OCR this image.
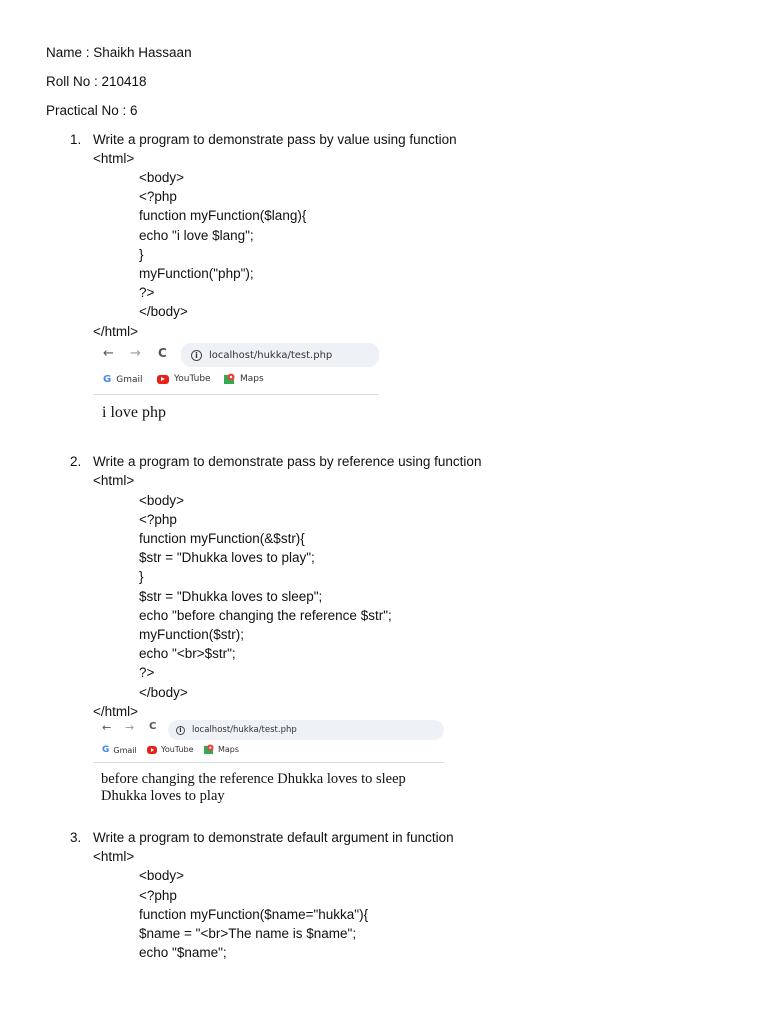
Name : Shaikh Hassaan
Roll No : 210418
Practical No : 6
1. Write a program to demonstrate pass by value using function
<html>
<body>
<?php
function myFunction($lang){
echo "i love $lang";
}
myFunction("php");
?>
</body>
</html>
← → C	i	localhost/hukka/test.php
G Gmail	YouTube	Maps
i love php
2. Write a program to demonstrate pass by reference using function
<html>
<body>
<?php
function myFunction(&$str){
$str = "Dhukka loves to play";
}
$str = "Dhukka loves to sleep";
echo "before changing the reference $str";
myFunction($str);
echo "<br>$str";
?>
</body>
</html>
← → C	i	localhost/hukka/test.php
G Gmail	YouTube	Maps
before changing the reference Dhukka loves to sleep
Dhukka loves to play
3. Write a program to demonstrate default argument in function
<html>
<body>
<?php
function myFunction($name="hukka"){
$name = "<br>The name is $name";
echo "$name";
